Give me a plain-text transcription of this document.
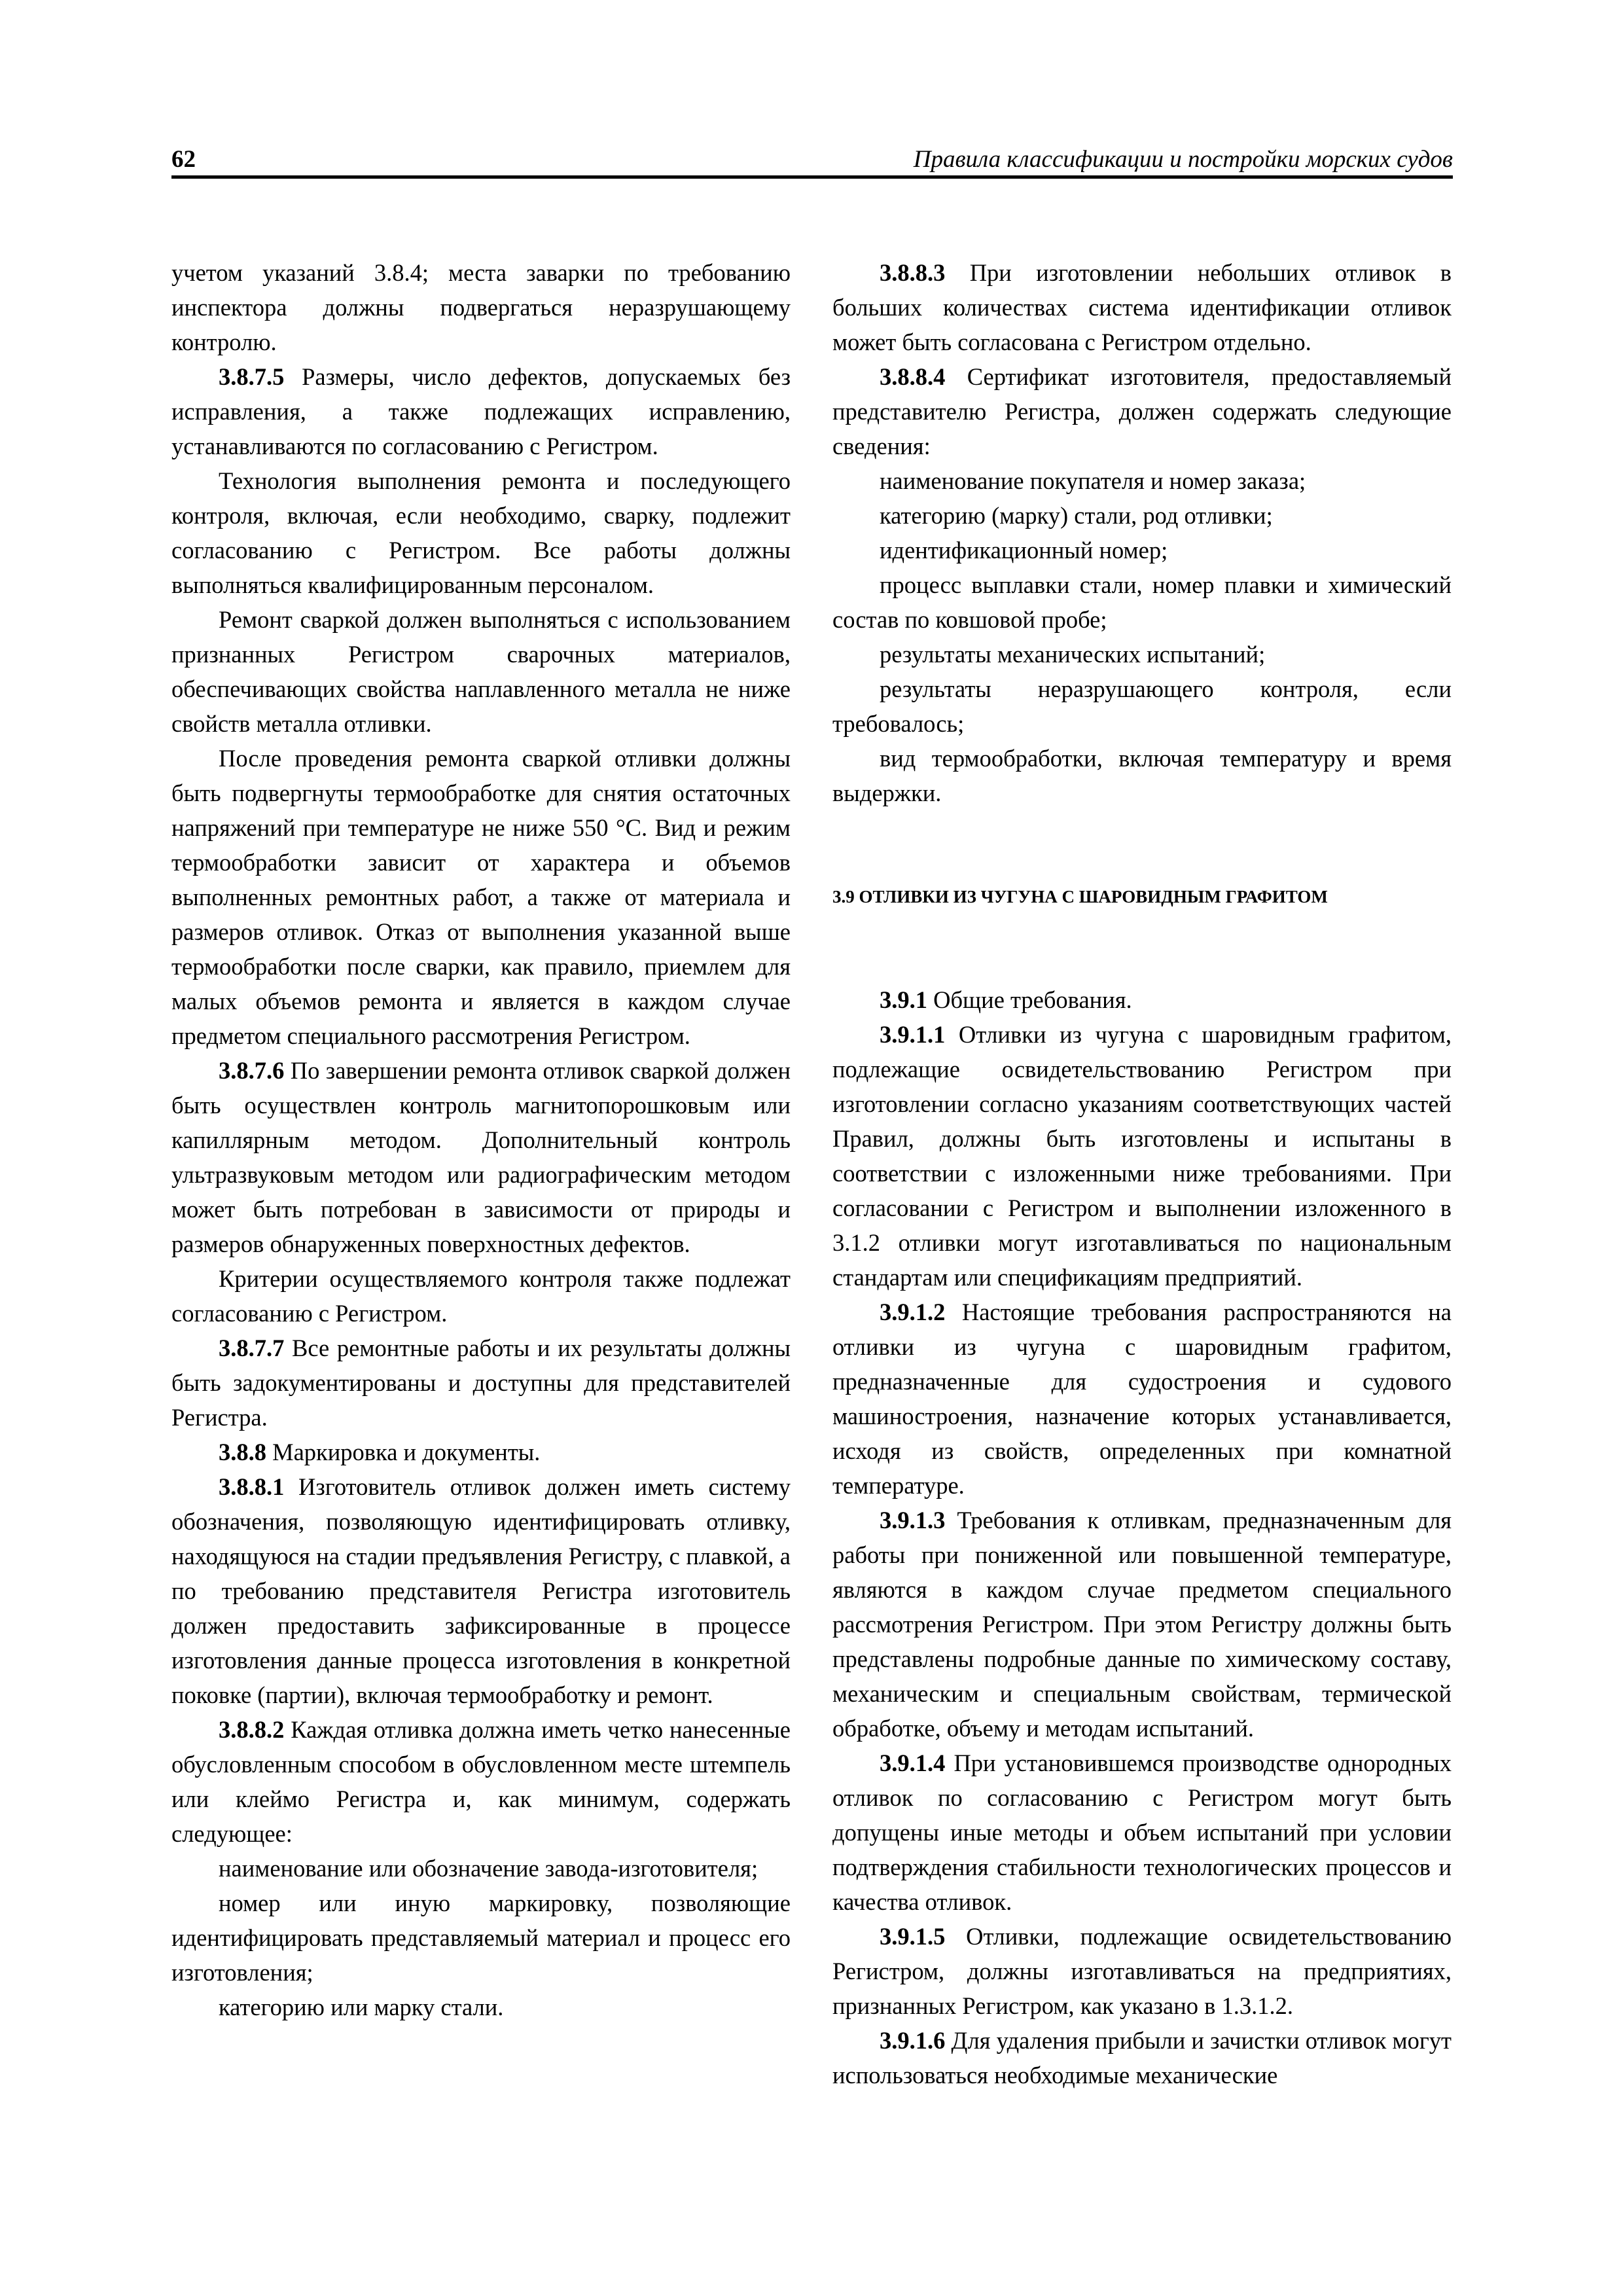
62	Правила классификации и постройки морских судов

учетом указаний 3.8.4; места заварки по требованию инспектора должны подвергаться неразрушающему контролю.

3.8.7.5 Размеры, число дефектов, допускаемых без исправления, а также подлежащих исправлению, устанавливаются по согласованию с Регистром.

Технология выполнения ремонта и последующего контроля, включая, если необходимо, сварку, подлежит согласованию с Регистром. Все работы должны выполняться квалифицированным персоналом.

Ремонт сваркой должен выполняться с использованием признанных Регистром сварочных материалов, обеспечивающих свойства наплавленного металла не ниже свойств металла отливки.

После проведения ремонта сваркой отливки должны быть подвергнуты термообработке для снятия остаточных напряжений при температуре не ниже 550 °С. Вид и режим термообработки зависит от характера и объемов выполненных ремонтных работ, а также от материала и размеров отливок. Отказ от выполнения указанной выше термообработки после сварки, как правило, приемлем для малых объемов ремонта и является в каждом случае предметом специального рассмотрения Регистром.

3.8.7.6 По завершении ремонта отливок сваркой должен быть осуществлен контроль магнитопорошковым или капиллярным методом. Дополнительный контроль ультразвуковым методом или радиографическим методом может быть потребован в зависимости от природы и размеров обнаруженных поверхностных дефектов.

Критерии осуществляемого контроля также подлежат согласованию с Регистром.

3.8.7.7 Все ремонтные работы и их результаты должны быть задокументированы и доступны для представителей Регистра.

3.8.8 Маркировка и документы.

3.8.8.1 Изготовитель отливок должен иметь систему обозначения, позволяющую идентифицировать отливку, находящуюся на стадии предъявления Регистру, с плавкой, а по требованию представителя Регистра изготовитель должен предоставить зафиксированные в процессе изготовления данные процесса изготовления в конкретной поковке (партии), включая термообработку и ремонт.

3.8.8.2 Каждая отливка должна иметь четко нанесенные обусловленным способом в обусловленном месте штемпель или клеймо Регистра и, как минимум, содержать следующее:

наименование или обозначение завода-изготовителя;

номер или иную маркировку, позволяющие идентифицировать представляемый материал и процесс его изготовления;

категорию или марку стали.

3.8.8.3 При изготовлении небольших отливок в больших количествах система идентификации отливок может быть согласована с Регистром отдельно.

3.8.8.4 Сертификат изготовителя, предоставляемый представителю Регистра, должен содержать следующие сведения:

наименование покупателя и номер заказа;

категорию (марку) стали, род отливки;

идентификационный номер;

процесс выплавки стали, номер плавки и химический состав по ковшовой пробе;

результаты механических испытаний;

результаты неразрушающего контроля, если требовалось;

вид термообработки, включая температуру и время выдержки.

3.9 ОТЛИВКИ ИЗ ЧУГУНА С ШАРОВИДНЫМ ГРАФИТОМ

3.9.1 Общие требования.

3.9.1.1 Отливки из чугуна с шаровидным графитом, подлежащие освидетельствованию Регистром при изготовлении согласно указаниям соответствующих частей Правил, должны быть изготовлены и испытаны в соответствии с изложенными ниже требованиями. При согласовании с Регистром и выполнении изложенного в 3.1.2 отливки могут изготавливаться по национальным стандартам или спецификациям предприятий.

3.9.1.2 Настоящие требования распространяются на отливки из чугуна с шаровидным графитом, предназначенные для судостроения и судового машиностроения, назначение которых устанавливается, исходя из свойств, определенных при комнатной температуре.

3.9.1.3 Требования к отливкам, предназначенным для работы при пониженной или повышенной температуре, являются в каждом случае предметом специального рассмотрения Регистром. При этом Регистру должны быть представлены подробные данные по химическому составу, механическим и специальным свойствам, термической обработке, объему и методам испытаний.

3.9.1.4 При установившемся производстве однородных отливок по согласованию с Регистром могут быть допущены иные методы и объем испытаний при условии подтверждения стабильности технологических процессов и качества отливок.

3.9.1.5 Отливки, подлежащие освидетельствованию Регистром, должны изготавливаться на предприятиях, признанных Регистром, как указано в 1.3.1.2.

3.9.1.6 Для удаления прибыли и зачистки отливок могут использоваться необходимые механические
